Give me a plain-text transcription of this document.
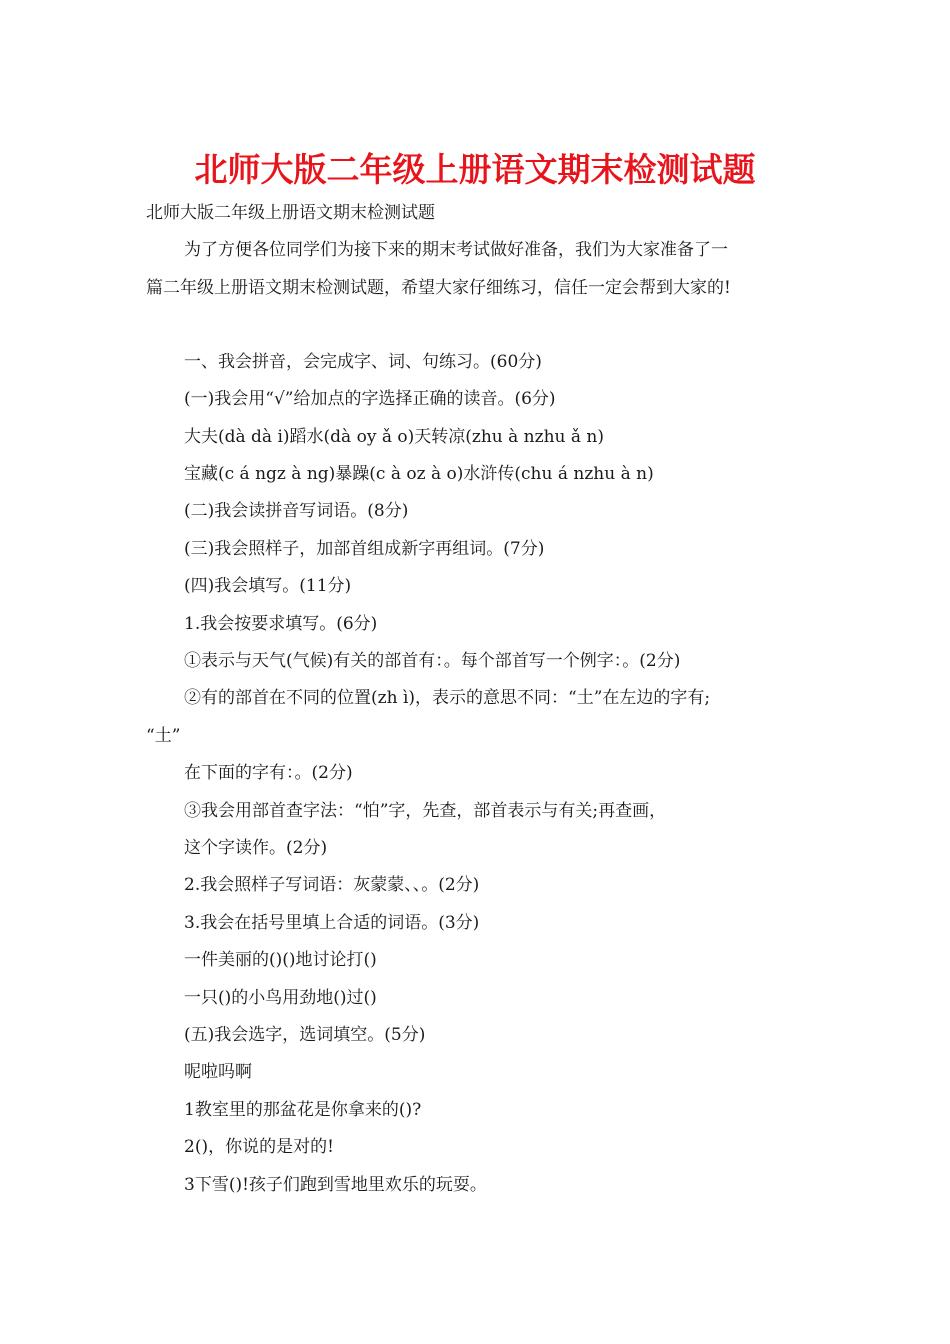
北师大版二年级上册语文期末检测试题
北师大版二年级上册语文期末检测试题
为了方便各位同学们为接下来的期末考试做好准备，我们为大家准备了一
篇二年级上册语文期末检测试题，希望大家仔细练习，信任一定会帮到大家的!
一、我会拼音，会完成字、词、句练习。(60分)
(一)我会用“√”给加点的字选择正确的读音。(6分)
大夫(dà dà i)蹈水(dà oy ǎ o)天转凉(zhu à nzhu ǎ n)
宝藏(c á ngz à ng)暴躁(c à oz à o)水浒传(chu á nzhu à n)
(二)我会读拼音写词语。(8分)
(三)我会照样子，加部首组成新字再组词。(7分)
(四)我会填写。(11分)
1.我会按要求填写。(6分)
①表示与天气(气候)有关的部首有：。每个部首写一个例字：。(2分)
②有的部首在不同的位置(zh ì)，表示的意思不同：“土”在左边的字有;
“土”
在下面的字有：。(2分)
③我会用部首查字法：“怕”字，先查，部首表示与有关;再查画，
这个字读作。(2分)
2.我会照样子写词语：灰蒙蒙、、。(2分)
3.我会在括号里填上合适的词语。(3分)
一件美丽的()()地讨论打()
一只()的小鸟用劲地()过()
(五)我会选字，选词填空。(5分)
呢啦吗啊
1教室里的那盆花是你拿来的()?
2()，你说的是对的!
3下雪()!孩子们跑到雪地里欢乐的玩耍。
